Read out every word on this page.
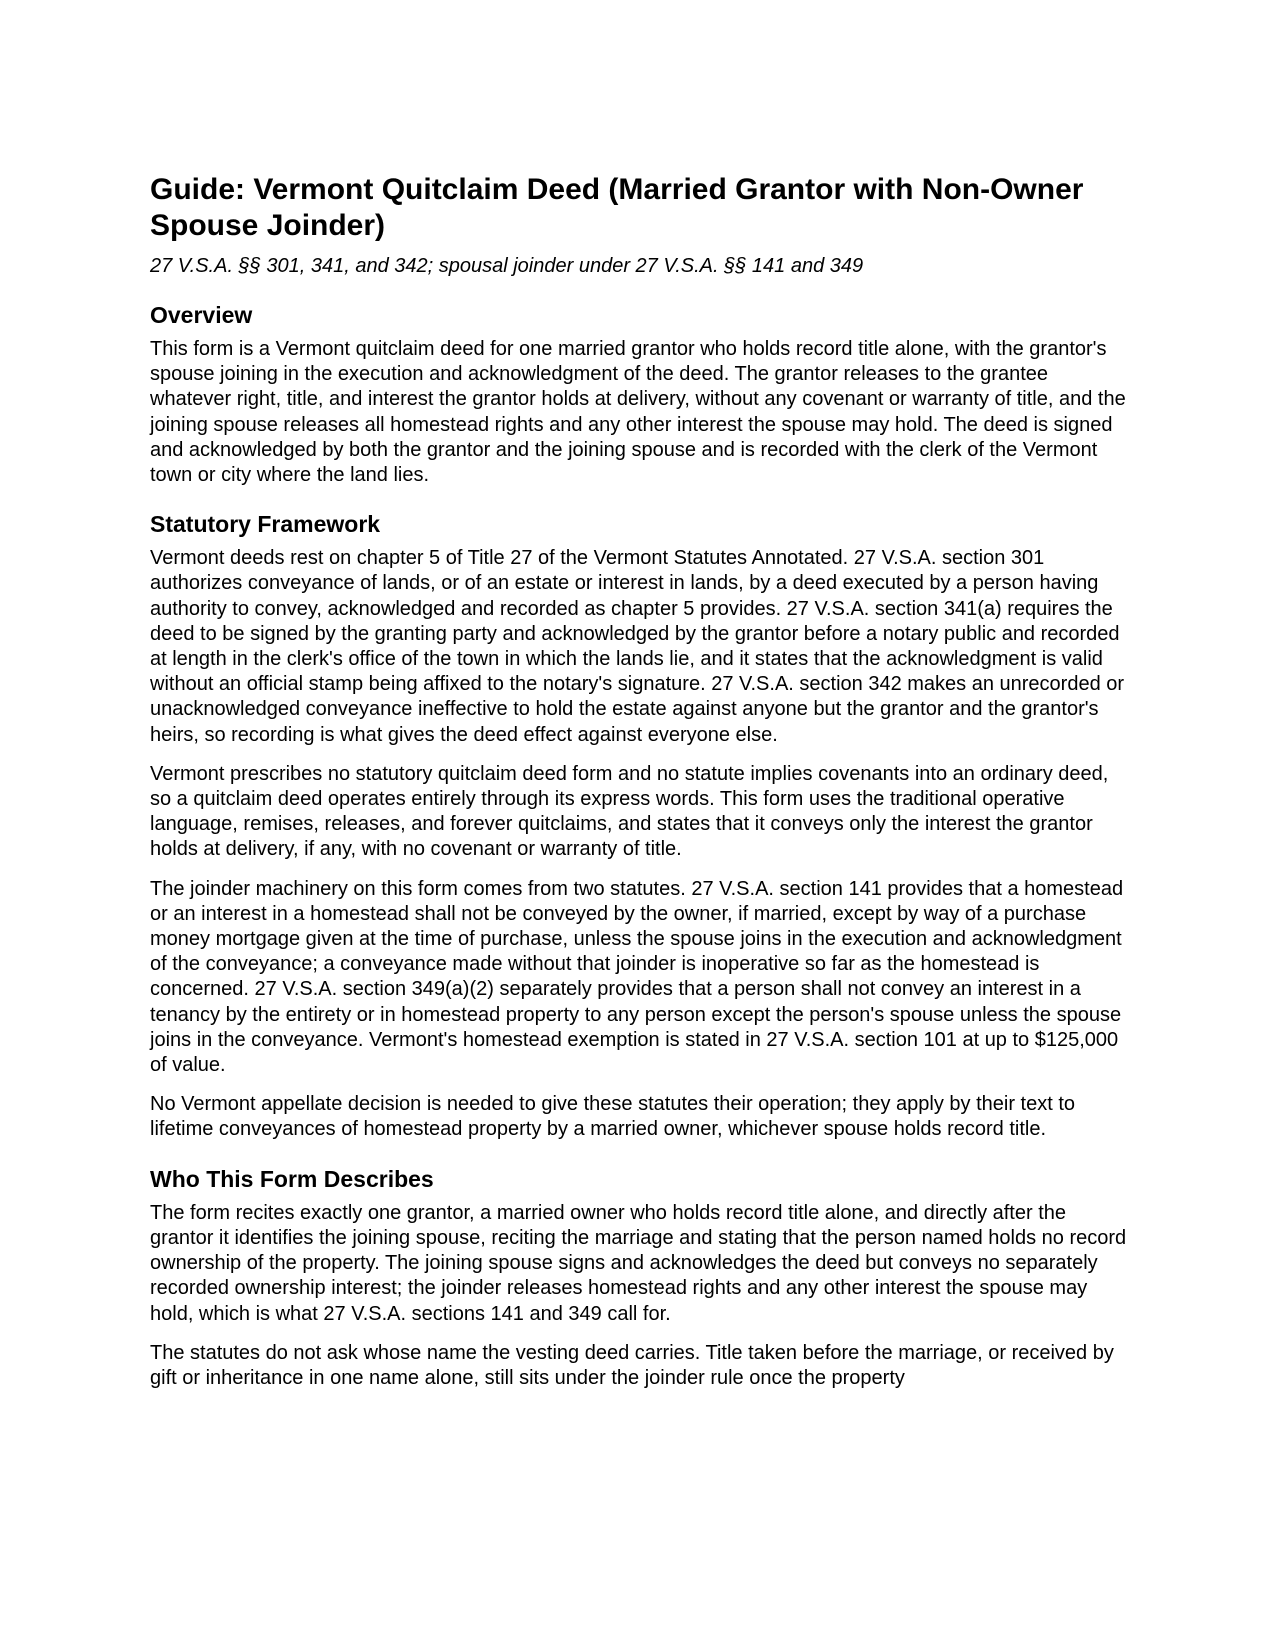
Guide: Vermont Quitclaim Deed (Married Grantor with Non-Owner Spouse Joinder)
27 V.S.A. §§ 301, 341, and 342; spousal joinder under 27 V.S.A. §§ 141 and 349
Overview

This form is a Vermont quitclaim deed for one married grantor who holds record title alone, with the grantor's spouse joining in the execution and acknowledgment of the deed. The grantor releases to the grantee whatever right, title, and interest the grantor holds at delivery, without any covenant or warranty of title, and the joining spouse releases all homestead rights and any other interest the spouse may hold. The deed is signed and acknowledged by both the grantor and the joining spouse and is recorded with the clerk of the Vermont town or city where the land lies.

Statutory Framework

Vermont deeds rest on chapter 5 of Title 27 of the Vermont Statutes Annotated. 27 V.S.A. section 301 authorizes conveyance of lands, or of an estate or interest in lands, by a deed executed by a person having authority to convey, acknowledged and recorded as chapter 5 provides. 27 V.S.A. section 341(a) requires the deed to be signed by the granting party and acknowledged by the grantor before a notary public and recorded at length in the clerk's office of the town in which the lands lie, and it states that the acknowledgment is valid without an official stamp being affixed to the notary's signature. 27 V.S.A. section 342 makes an unrecorded or unacknowledged conveyance ineffective to hold the estate against anyone but the grantor and the grantor's heirs, so recording is what gives the deed effect against everyone else.

Vermont prescribes no statutory quitclaim deed form and no statute implies covenants into an ordinary deed, so a quitclaim deed operates entirely through its express words. This form uses the traditional operative language, remises, releases, and forever quitclaims, and states that it conveys only the interest the grantor holds at delivery, if any, with no covenant or warranty of title.

The joinder machinery on this form comes from two statutes. 27 V.S.A. section 141 provides that a homestead or an interest in a homestead shall not be conveyed by the owner, if married, except by way of a purchase money mortgage given at the time of purchase, unless the spouse joins in the execution and acknowledgment of the conveyance; a conveyance made without that joinder is inoperative so far as the homestead is concerned. 27 V.S.A. section 349(a)(2) separately provides that a person shall not convey an interest in a tenancy by the entirety or in homestead property to any person except the person's spouse unless the spouse joins in the conveyance. Vermont's homestead exemption is stated in 27 V.S.A. section 101 at up to $125,000 of value.

No Vermont appellate decision is needed to give these statutes their operation; they apply by their text to lifetime conveyances of homestead property by a married owner, whichever spouse holds record title.

Who This Form Describes

The form recites exactly one grantor, a married owner who holds record title alone, and directly after the grantor it identifies the joining spouse, reciting the marriage and stating that the person named holds no record ownership of the property. The joining spouse signs and acknowledges the deed but conveys no separately recorded ownership interest; the joinder releases homestead rights and any other interest the spouse may hold, which is what 27 V.S.A. sections 141 and 349 call for.

The statutes do not ask whose name the vesting deed carries. Title taken before the marriage, or received by gift or inheritance in one name alone, still sits under the joinder rule once the property
